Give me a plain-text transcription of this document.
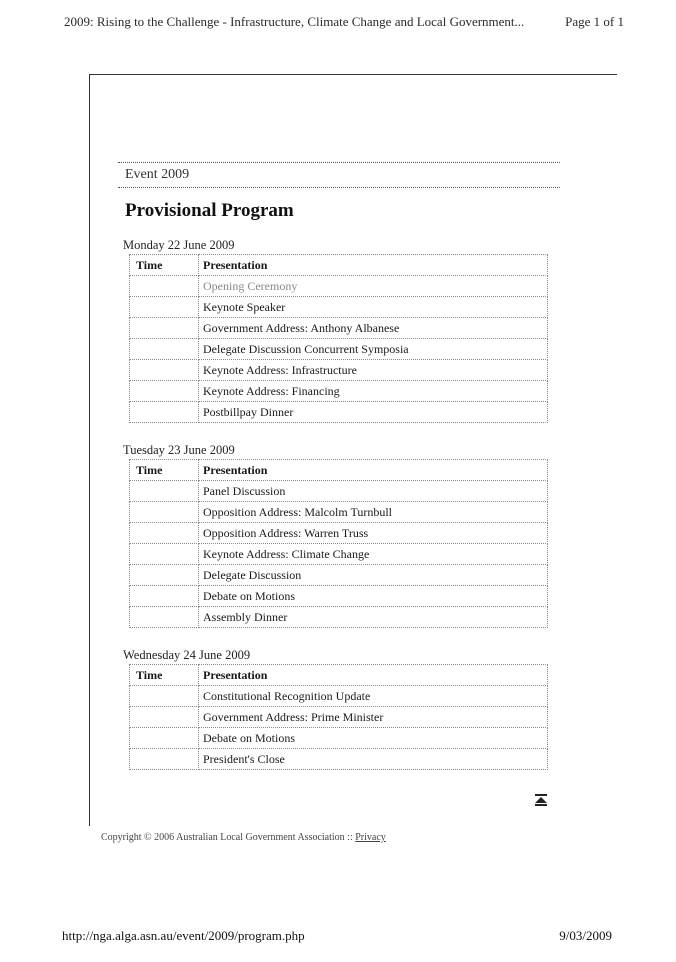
2009: Rising to the Challenge - Infrastructure, Climate Change and Local Government...	Page 1 of 1
Event 2009
Provisional Program
Monday 22 June 2009
Time	Presentation
	Opening Ceremony
	Keynote Speaker
	Government Address: Anthony Albanese
	Delegate Discussion Concurrent Symposia
	Keynote Address: Infrastructure
	Keynote Address: Financing
	Postbillpay Dinner
Tuesday 23 June 2009
Time	Presentation
	Panel Discussion
	Opposition Address: Malcolm Turnbull
	Opposition Address: Warren Truss
	Keynote Address: Climate Change
	Delegate Discussion
	Debate on Motions
	Assembly Dinner
Wednesday 24 June 2009
Time	Presentation
	Constitutional Recognition Update
	Government Address: Prime Minister
	Debate on Motions
	President's Close
Copyright © 2006 Australian Local Government Association :: Privacy
http://nga.alga.asn.au/event/2009/program.php	9/03/2009
